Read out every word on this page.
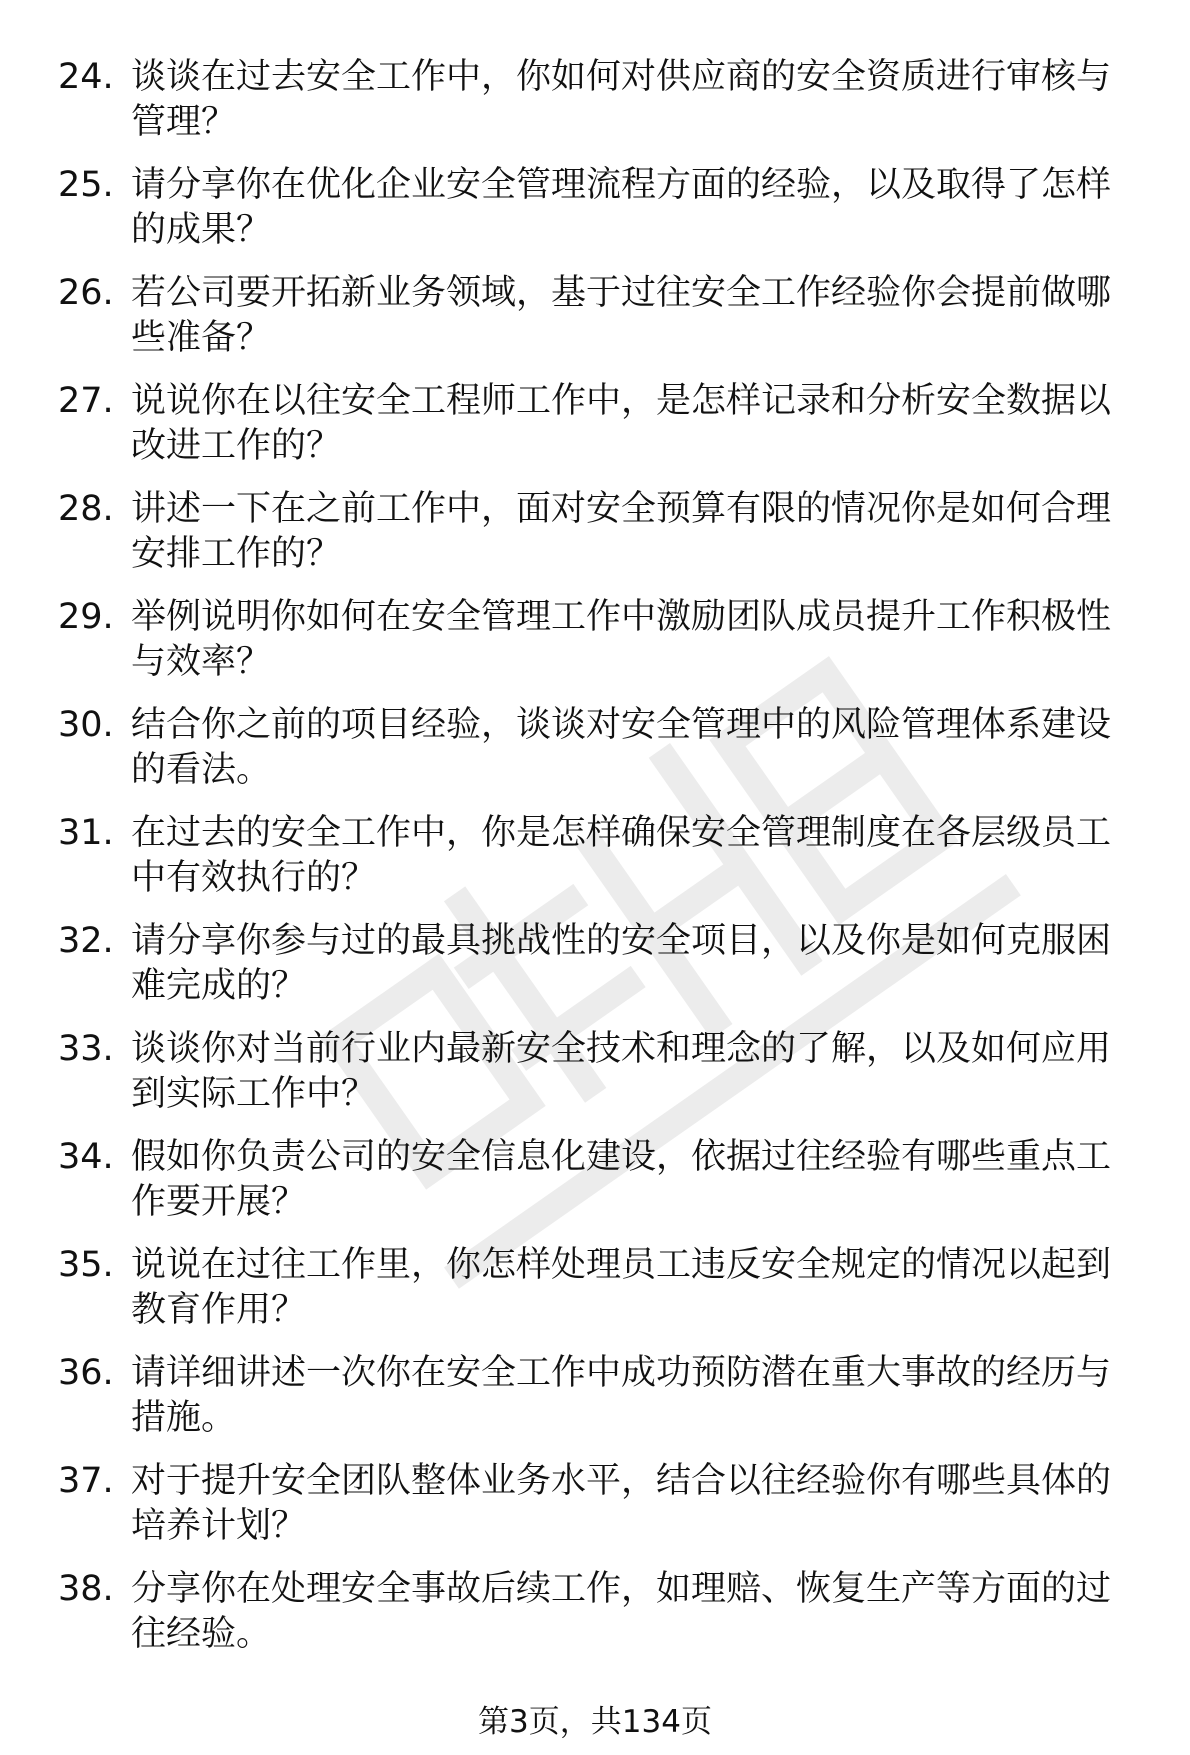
24. 谈谈在过去安全工作中，你如何对供应商的安全资质进行审核与
管理？
25. 请分享你在优化企业安全管理流程方面的经验，以及取得了怎样
的成果？
26. 若公司要开拓新业务领域，基于过往安全工作经验你会提前做哪
些准备？
27. 说说你在以往安全工程师工作中，是怎样记录和分析安全数据以
改进工作的？
28. 讲述一下在之前工作中，面对安全预算有限的情况你是如何合理
安排工作的？
29. 举例说明你如何在安全管理工作中激励团队成员提升工作积极性
与效率？
30. 结合你之前的项目经验，谈谈对安全管理中的风险管理体系建设
的看法。
31. 在过去的安全工作中，你是怎样确保安全管理制度在各层级员工
中有效执行的？
32. 请分享你参与过的最具挑战性的安全项目，以及你是如何克服困
难完成的？
33. 谈谈你对当前行业内最新安全技术和理念的了解，以及如何应用
到实际工作中？
34. 假如你负责公司的安全信息化建设，依据过往经验有哪些重点工
作要开展？
35. 说说在过往工作里，你怎样处理员工违反安全规定的情况以起到
教育作用？
36. 请详细讲述一次你在安全工作中成功预防潜在重大事故的经历与
措施。
37. 对于提升安全团队整体业务水平，结合以往经验你有哪些具体的
培养计划？
38. 分享你在处理安全事故后续工作，如理赔、恢复生产等方面的过
往经验。
第3页，共134页
